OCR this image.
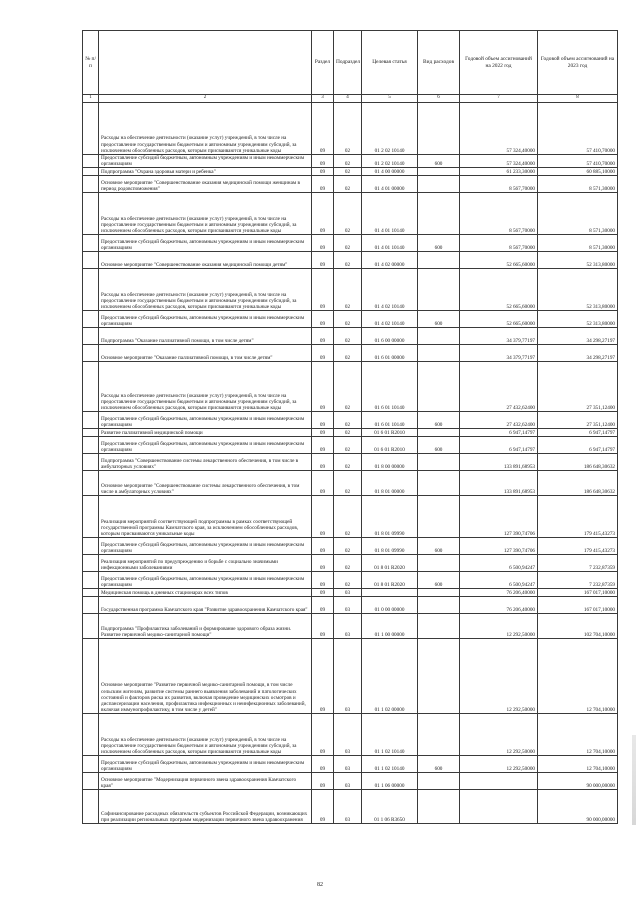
№ п/п		Раздел	Подраздел	Целевая статья	Вид расходов	Годовой объем ассигнований на 2022 год	Годовой объем ассигнований на 2023 год
1	2	3	4	5	6	7	8
	Расходы на обеспечение деятельности (оказание услуг) учреждений, в том числе на предоставление государственным бюджетным и автономным учреждениям субсидий, за исключением обособленных расходов, которым присваиваются уникальные коды	09	02	01 2 02 10140		57 324,40000	57 410,70000
	Предоставление субсидий бюджетным, автономным учреждениям и иным некоммерческим организациям	09	02	01 2 02 10140	600	57 324,40000	57 410,70000
	Подпрограмма "Охрана здоровья матери и ребенка"	09	02	01 4 00 00000		61 233,30000	60 885,10000
	Основное мероприятие "Совершенствование оказания медицинской помощи женщинам в период родовспоможения"	09	02	01 4 01 00000		8 567,70000	8 571,30000
	Расходы на обеспечение деятельности (оказание услуг) учреждений, в том числе на предоставление государственным бюджетным и автономным учреждениям субсидий, за исключением обособленных расходов, которым присваиваются уникальные коды	09	02	01 4 01 10140		8 567,70000	8 571,30000
	Предоставление субсидий бюджетным, автономным учреждениям и иным некоммерческим организациям	09	02	01 4 01 10140	600	8 567,70000	8 571,30000
	Основное мероприятие "Совершенствование оказания медицинской помощи детям"	09	02	01 4 02 00000		52 665,60000	52 313,80000
	Расходы на обеспечение деятельности (оказание услуг) учреждений, в том числе на предоставление государственным бюджетным и автономным учреждениям субсидий, за исключением обособленных расходов, которым присваиваются уникальные коды	09	02	01 4 02 10140		52 665,60000	52 313,80000
	Предоставление субсидий бюджетным, автономным учреждениям и иным некоммерческим организациям	09	02	01 4 02 10140	600	52 665,60000	52 313,80000
	Подпрограмма "Оказание паллиативной помощи, в том числе детям"	09	02	01 6 00 00000		34 379,77197	34 298,27197
	Основное мероприятие "Оказание паллиативной помощи, в том числе детям"	09	02	01 6 01 00000		34 379,77197	34 298,27197
	Расходы на обеспечение деятельности (оказание услуг) учреждений, в том числе на предоставление государственным бюджетным и автономным учреждениям субсидий, за исключением обособленных расходов, которым присваиваются уникальные коды	09	02	01 6 01 10140		27 432,62400	27 351,12400
	Предоставление субсидий бюджетным, автономным учреждениям и иным некоммерческим организациям	09	02	01 6 01 10140	600	27 432,62400	27 351,12400
	Развитие паллиативной медицинской помощи	09	02	01 6 01 R2010		6 947,14797	6 947,14797
	Предоставление субсидий бюджетным, автономным учреждениям и иным некоммерческим организациям	09	02	01 6 01 R2010	600	6 947,14797	6 947,14797
	Подпрограмма "Совершенствование системы лекарственного обеспечения, в том числе в амбулаторных условиях"	09	02	01 8 00 00000		133 891,68953	186 648,30632
	Основное мероприятие "Совершенствование системы лекарственного обеспечения, в том числе в амбулаторных условиях"	09	02	01 8 01 00000		133 891,68953	186 648,30632
	Реализация мероприятий соответствующей подпрограммы в рамках соответствующей государственной программы Камчатского края, за исключением обособленных расходов, которым присваиваются уникальные коды	09	02	01 8 01 09990		127 390,74706	179 415,43273
	Предоставление субсидий бюджетным, автономным учреждениям и иным некоммерческим организациям	09	02	01 8 01 09990	600	127 390,74706	179 415,43273
	Реализация мероприятий по предупреждению и борьбе с социально значимыми инфекционными заболеваниями	09	02	01 8 01 R2020		6 500,94247	7 232,87359
	Предоставление субсидий бюджетным, автономным учреждениям и иным некоммерческим организациям	09	02	01 8 01 R2020	600	6 500,94247	7 232,87359
	Медицинская помощь в дневных стационарах всех типов	09	03			76 206,40000	167 017,10000
	Государственная программа Камчатского края "Развитие здравоохранения Камчатского края"	09	03	01 0 00 00000		76 206,40000	167 017,10000
	Подпрограмма "Профилактика заболеваний и формирование здорового образа жизни. Развитие первичной медико-санитарной помощи"	09	03	01 1 00 00000		12 292,50000	102 704,10000
	Основное мероприятие "Развитие первичной медико-санитарной помощи, в том числе сельским жителям, развитие системы раннего выявления заболеваний и патологических состояний и факторов риска их развития, включая проведение медицинских осмотров и диспансеризации населения, профилактика инфекционных и неинфекционных заболеваний, включая иммунопрофилактику, в том числе у детей"	09	03	01 1 02 00000		12 292,50000	12 704,10000
	Расходы на обеспечение деятельности (оказание услуг) учреждений, в том числе на предоставление государственным бюджетным и автономным учреждениям субсидий, за исключением обособленных расходов, которым присваиваются уникальные коды	09	03	01 1 02 10140		12 292,50000	12 704,10000
	Предоставление субсидий бюджетным, автономным учреждениям и иным некоммерческим организациям	09	03	01 1 02 10140	600	12 292,50000	12 704,10000
	Основное мероприятие "Модернизация первичного звена здравоохранения Камчатского края"	09	03	01 1 06 00000			90 000,00000
	Софинансирование расходных обязательств субъектов Российской Федерации, возникающих при реализации региональных программ модернизации первичного звена здравоохранения	09	03	01 1 06 R3650			90 000,00000
82
